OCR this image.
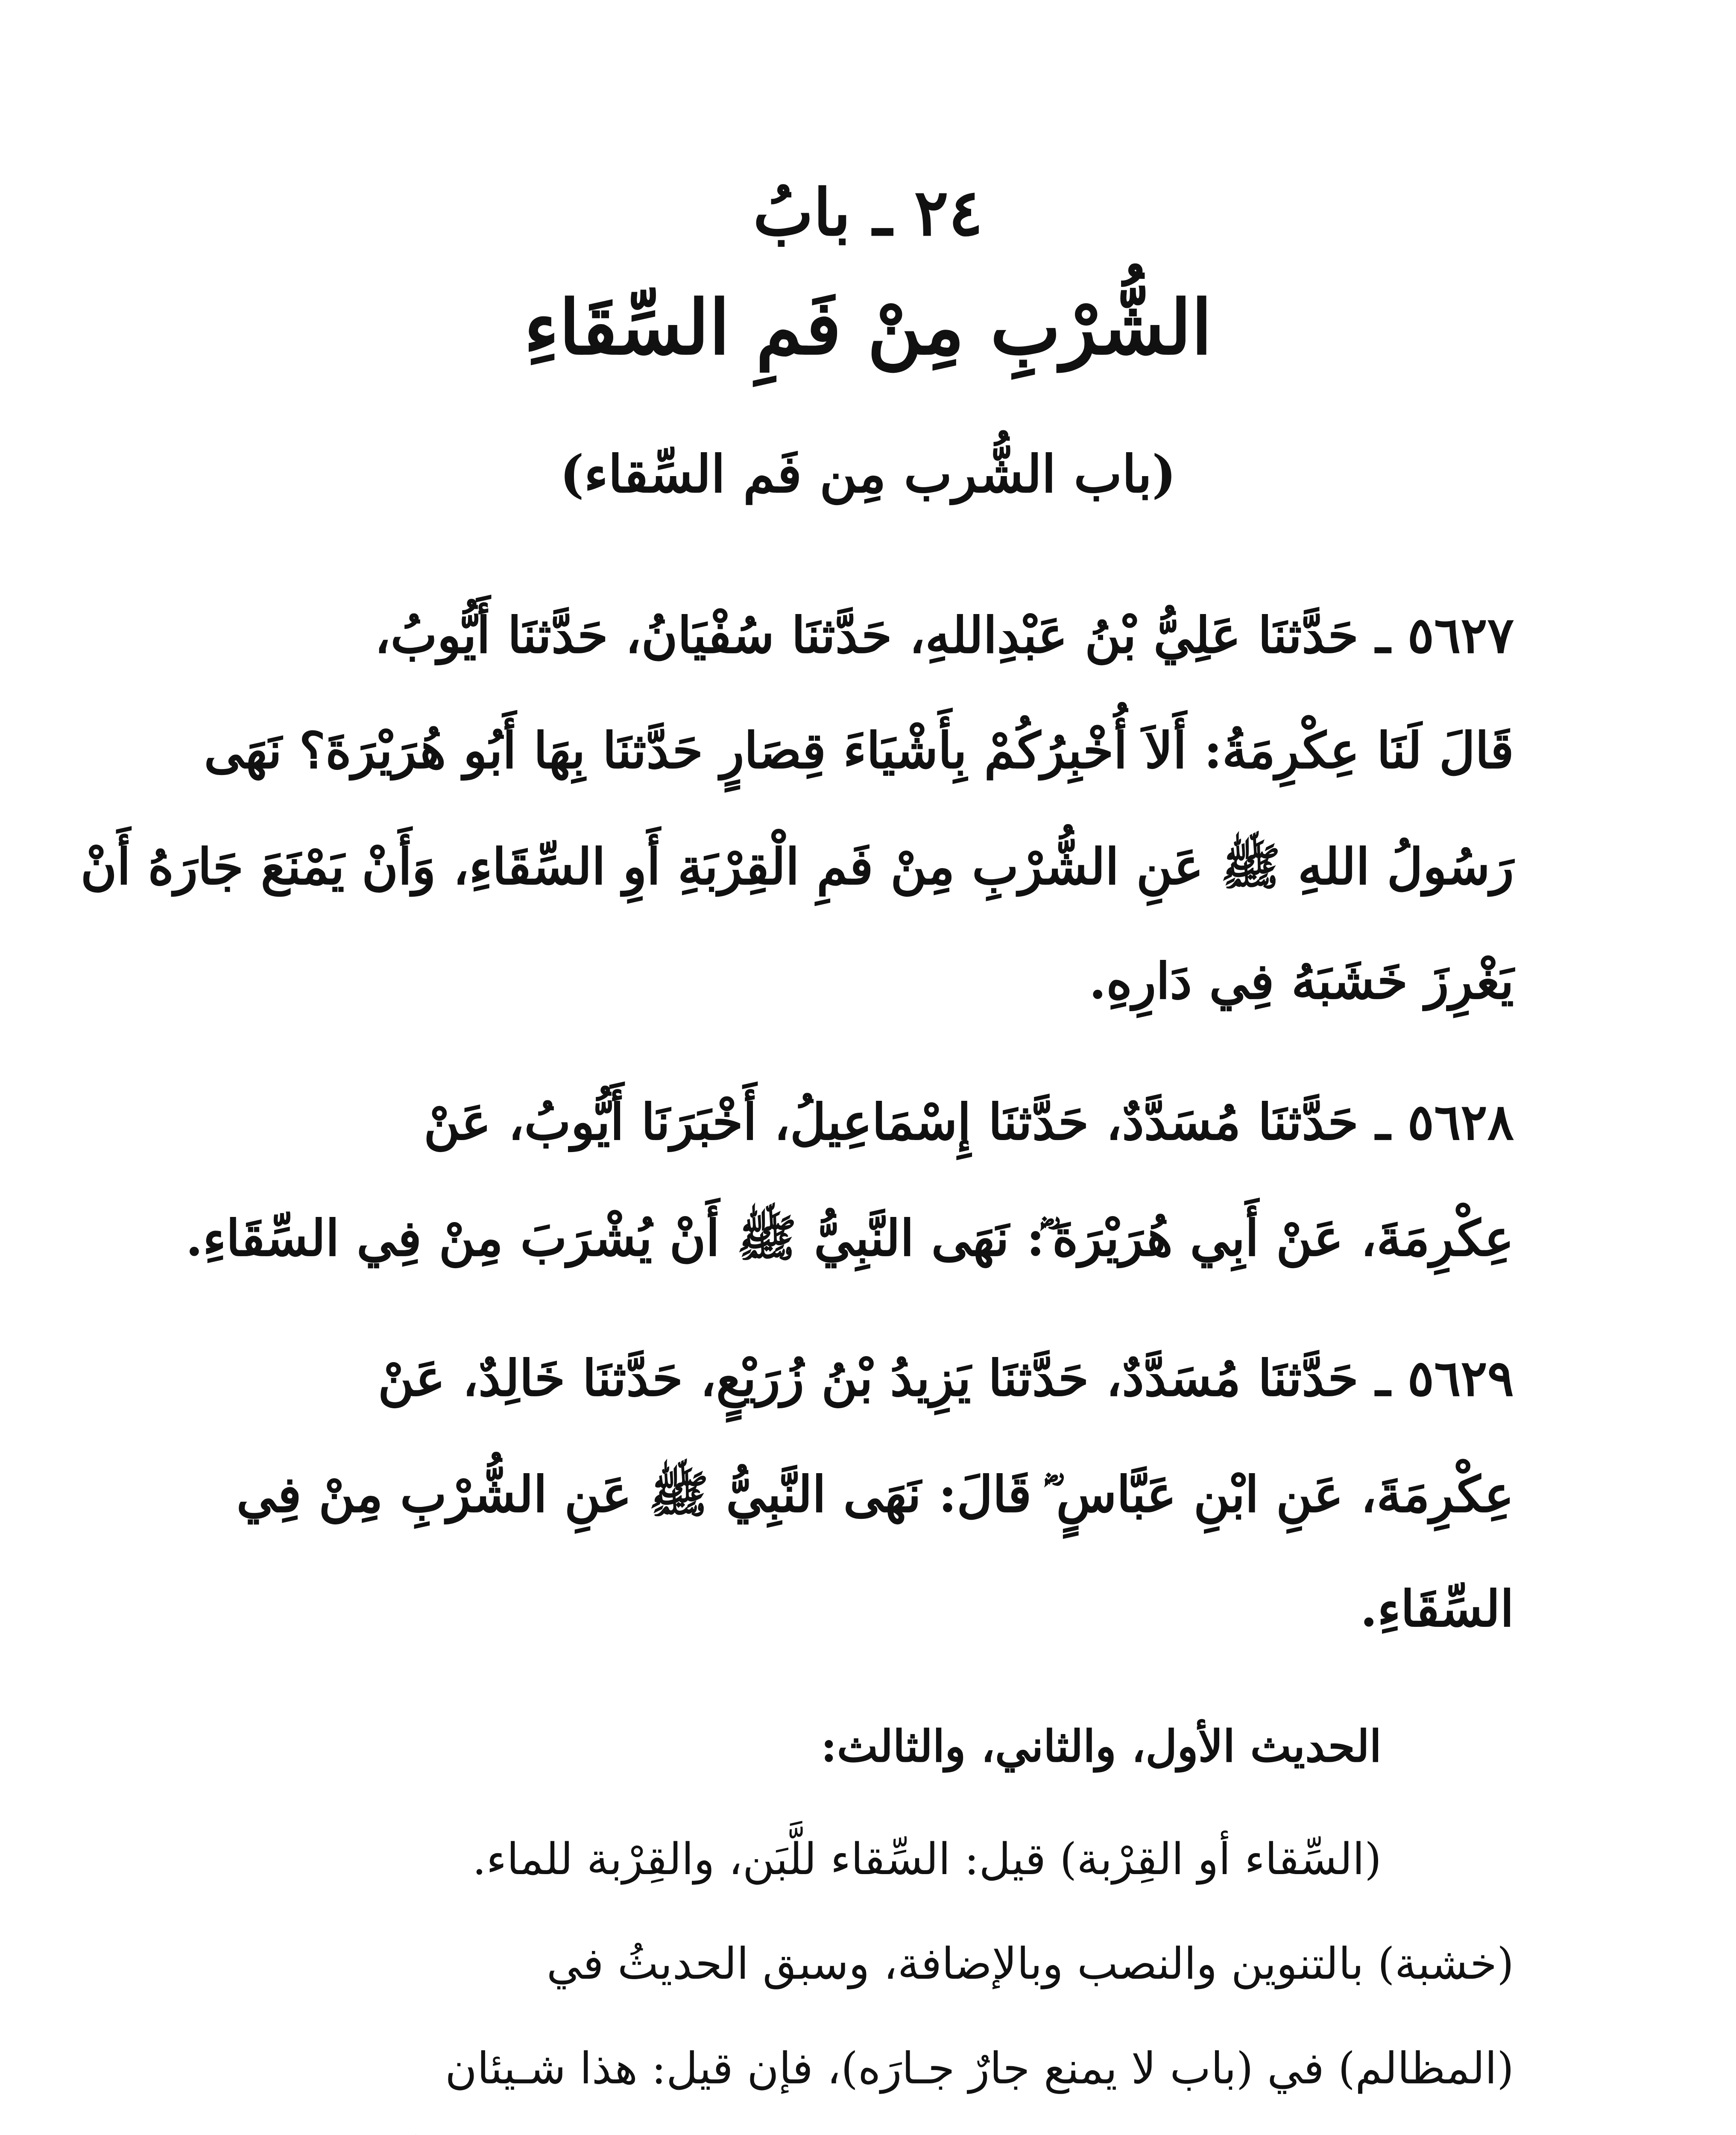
٢٤ ـ بابُ
الشُّرْبِ مِنْ فَمِ السِّقَاءِ
(باب الشُّرب مِن فَم السِّقاء)
٥٦٢٧ ـ حَدَّثنَا عَلِيُّ بْنُ عَبْدِاللهِ، حَدَّثنَا سُفْيَانُ، حَدَّثنَا أَيُّوبُ،
قَالَ لَنَا عِكْرِمَةُ: أَلاَ أُخْبِرُكُمْ بِأَشْيَاءَ قِصَارٍ حَدَّثنَا بِهَا أَبُو هُرَيْرَةَ؟ نَهَى
رَسُولُ اللهِ ﷺ عَنِ الشُّرْبِ مِنْ فَمِ الْقِرْبَةِ أَوِ السِّقَاءِ، وَأَنْ يَمْنَعَ جَارَهُ أَنْ
يَغْرِزَ خَشَبَهُ فِي دَارِهِ.
٥٦٢٨ ـ حَدَّثنَا مُسَدَّدٌ، حَدَّثنَا إِسْمَاعِيلُ، أَخْبَرَنَا أَيُّوبُ، عَنْ
عِكْرِمَةَ، عَنْ أَبِي هُرَيْرَةَ ؓ: نَهَى النَّبِيُّ ﷺ أَنْ يُشْرَبَ مِنْ فِي السِّقَاءِ.
٥٦٢٩ ـ حَدَّثنَا مُسَدَّدٌ، حَدَّثنَا يَزِيدُ بْنُ زُرَيْعٍ، حَدَّثنَا خَالِدٌ، عَنْ
عِكْرِمَةَ، عَنِ ابْنِ عَبَّاسٍ ؓ قَالَ: نَهَى النَّبِيُّ ﷺ عَنِ الشُّرْبِ مِنْ فِي
السِّقَاءِ.
الحديث الأول، والثاني، والثالث:
(السِّقاء أو القِرْبة) قيل: السِّقاء للَّبَن، والقِرْبة للماء.
(خشبة) بالتنوين والنصب وبالإضافة، وسبق الحديثُ في
(المظالم) في (باب لا يمنع جارٌ جـارَه)، فإن قيل: هذا شـيئان
